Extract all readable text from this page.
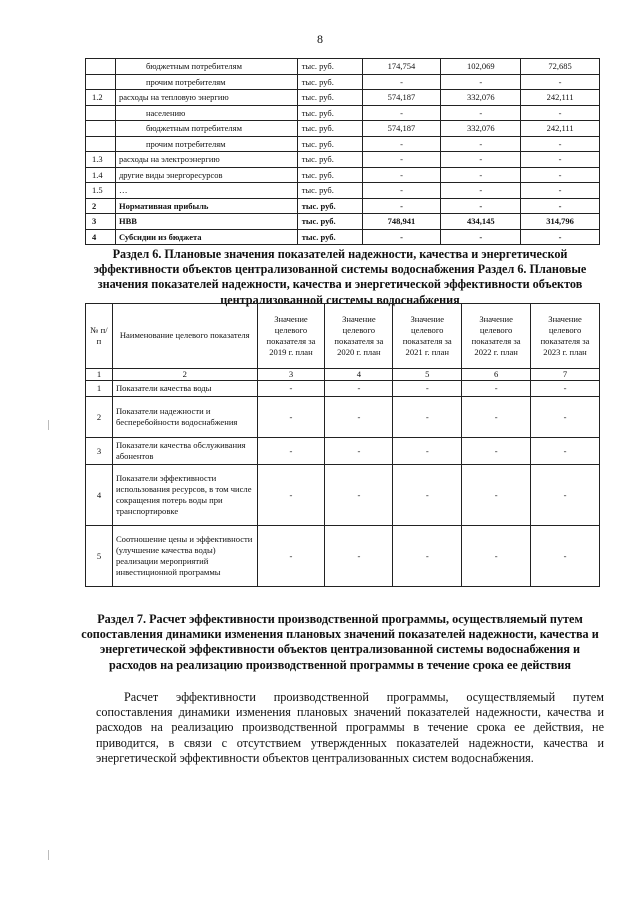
8
	бюджетным потребителям	тыс. руб.	174,754	102,069	72,685
	прочим потребителям	тыс. руб.	-	-	-
1.2	расходы на тепловую энергию	тыс. руб.	574,187	332,076	242,111
	населению	тыс. руб.	-	-	-
	бюджетным потребителям	тыс. руб.	574,187	332,076	242,111
	прочим потребителям	тыс. руб.	-	-	-
1.3	расходы на электроэнергию	тыс. руб.	-	-	-
1.4	другие виды энергоресурсов	тыс. руб.	-	-	-
1.5	…	тыс. руб.	-	-	-
2	Нормативная прибыль	тыс. руб.	-	-	-
3	НВВ	тыс. руб.	748,941	434,145	314,796
4	Субсидии из бюджета	тыс. руб.	-	-	-
Раздел 6. Плановые значения показателей надежности, качества и энергетической эффективности объектов централизованной системы водоснабжения Раздел 6. Плановые значения показателей надежности, качества и энергетической эффективности объектов централизованной системы водоснабжения
№ п/ п	Наименование целевого показателя	Значение целевого показателя за 2019 г. план	Значение целевого показателя за 2020 г. план	Значение целевого показателя за 2021 г. план	Значение целевого показателя за 2022 г. план	Значение целевого показателя за 2023 г. план
1	2	3	4	5	6	7
1	Показатели качества воды	-	-	-	-	-
2	Показатели надежности и бесперебойности водоснабжения	-	-	-	-	-
3	Показатели качества обслуживания абонентов	-	-	-	-	-
4	Показатели эффективности использования ресурсов, в том числе сокращения потерь воды при транспортировке	-	-	-	-	-
5	Соотношение цены и эффективности (улучшение качества воды) реализации мероприятий инвестиционной программы	-	-	-	-	-
Раздел 7. Расчет эффективности производственной программы, осуществляемый путем сопоставления динамики изменения плановых значений показателей надежности, качества и энергетической эффективности объектов централизованной системы водоснабжения и расходов на реализацию производственной программы в течение срока ее действия
Расчет эффективности производственной программы, осуществляемый путем сопоставления динамики изменения плановых значений показателей надежности, качества и расходов на реализацию производственной программы в течение срока ее действия, не приводится, в связи с отсутствием утвержденных показателей надежности, качества и энергетической эффективности объектов централизованных систем водоснабжения.
